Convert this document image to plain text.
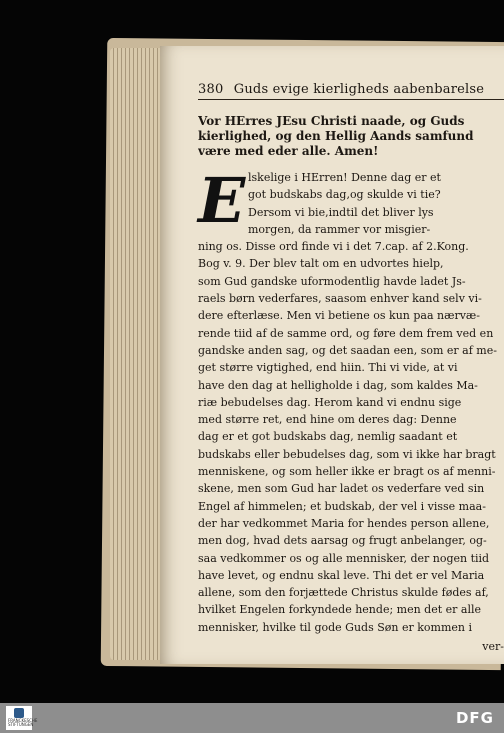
380 Guds evige kierligheds aabenbarelse
Vor HErres JEsu Christi naade, og Guds
kierlighed, og den Hellig Aands samfund
være med eder alle. Amen!
E lskelige i HErren! Denne dag er et
got budskabs dag,og skulde vi tie?
Dersom vi bie,indtil det bliver lys
morgen, da rammer vor misgier-
ning os. Disse ord finde vi i det 7.cap. af 2.Kong.
Bog v. 9. Der blev talt om en udvortes hielp,
som Gud gandske uformodentlig havde ladet Js-
raels børn vederfares, saasom enhver kand selv vi-
dere efterlæse. Men vi betiene os kun paa nærvæ-
rende tiid af de samme ord, og føre dem frem ved en
gandske anden sag, og det saadan een, som er af me-
get større vigtighed, end hiin. Thi vi vide, at vi
have den dag at helligholde i dag, som kaldes Ma-
riæ bebudelses dag. Herom kand vi endnu sige
med større ret, end hine om deres dag: Denne
dag er et got budskabs dag, nemlig saadant et
budskabs eller bebudelses dag, som vi ikke har bragt
menniskene, og som heller ikke er bragt os af menni-
skene, men som Gud har ladet os vederfare ved sin
Engel af himmelen; et budskab, der vel i visse maa-
der har vedkommet Maria for hendes person allene,
men dog, hvad dets aarsag og frugt anbelanger, og-
saa vedkommer os og alle mennisker, der nogen tiid
have levet, og endnu skal leve. Thi det er vel Maria
allene, som den forjættede Christus skulde fødes af,
hvilket Engelen forkyndede hende; men det er alle
mennisker, hvilke til gode Guds Søn er kommen i
ver-
FRANCKESCHE STIFTUNGEN	DFG
